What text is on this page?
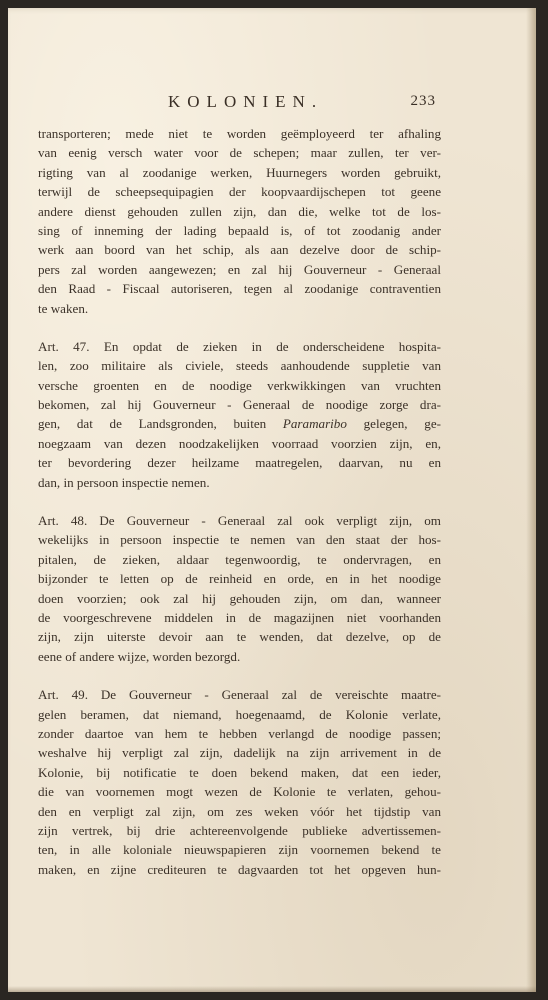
KOLONIEN.	233
transporteren; mede niet te worden geëmployeerd ter afhaling
van eenig versch water voor de schepen; maar zullen, ter ver-
rigting van al zoodanige werken, Huurnegers worden gebruikt,
terwijl de scheepsequipagien der koopvaardijschepen tot geene
andere dienst gehouden zullen zijn, dan die, welke tot de los-
sing of inneming der lading bepaald is, of tot zoodanig ander
werk aan boord van het schip, als aan dezelve door de schip-
pers zal worden aangewezen; en zal hij Gouverneur - Generaal
den Raad - Fiscaal autoriseren, tegen al zoodanige contraventien
te waken.
Art. 47. En opdat de zieken in de onderscheidene hospita-
len, zoo militaire als civiele, steeds aanhoudende suppletie van
versche groenten en de noodige verkwikkingen van vruchten
bekomen, zal hij Gouverneur - Generaal de noodige zorge dra-
gen, dat de Landsgronden, buiten Paramaribo gelegen, ge-
noegzaam van dezen noodzakelijken voorraad voorzien zijn, en,
ter bevordering dezer heilzame maatregelen, daarvan, nu en
dan, in persoon inspectie nemen.
Art. 48. De Gouverneur - Generaal zal ook verpligt zijn, om
wekelijks in persoon inspectie te nemen van den staat der hos-
pitalen, de zieken, aldaar tegenwoordig, te ondervragen, en
bijzonder te letten op de reinheid en orde, en in het noodige
doen voorzien; ook zal hij gehouden zijn, om dan, wanneer
de voorgeschrevene middelen in de magazijnen niet voorhanden
zijn, zijn uiterste devoir aan te wenden, dat dezelve, op de
eene of andere wijze, worden bezorgd.
Art. 49. De Gouverneur - Generaal zal de vereischte maatre-
gelen beramen, dat niemand, hoegenaamd, de Kolonie verlate,
zonder daartoe van hem te hebben verlangd de noodige passen;
weshalve hij verpligt zal zijn, dadelijk na zijn arrivement in de
Kolonie, bij notificatie te doen bekend maken, dat een ieder,
die van voornemen mogt wezen de Kolonie te verlaten, gehou-
den en verpligt zal zijn, om zes weken vóór het tijdstip van
zijn vertrek, bij drie achtereenvolgende publieke advertissemen-
ten, in alle koloniale nieuwspapieren zijn voornemen bekend te
maken, en zijne crediteuren te dagvaarden tot het opgeven hun-
